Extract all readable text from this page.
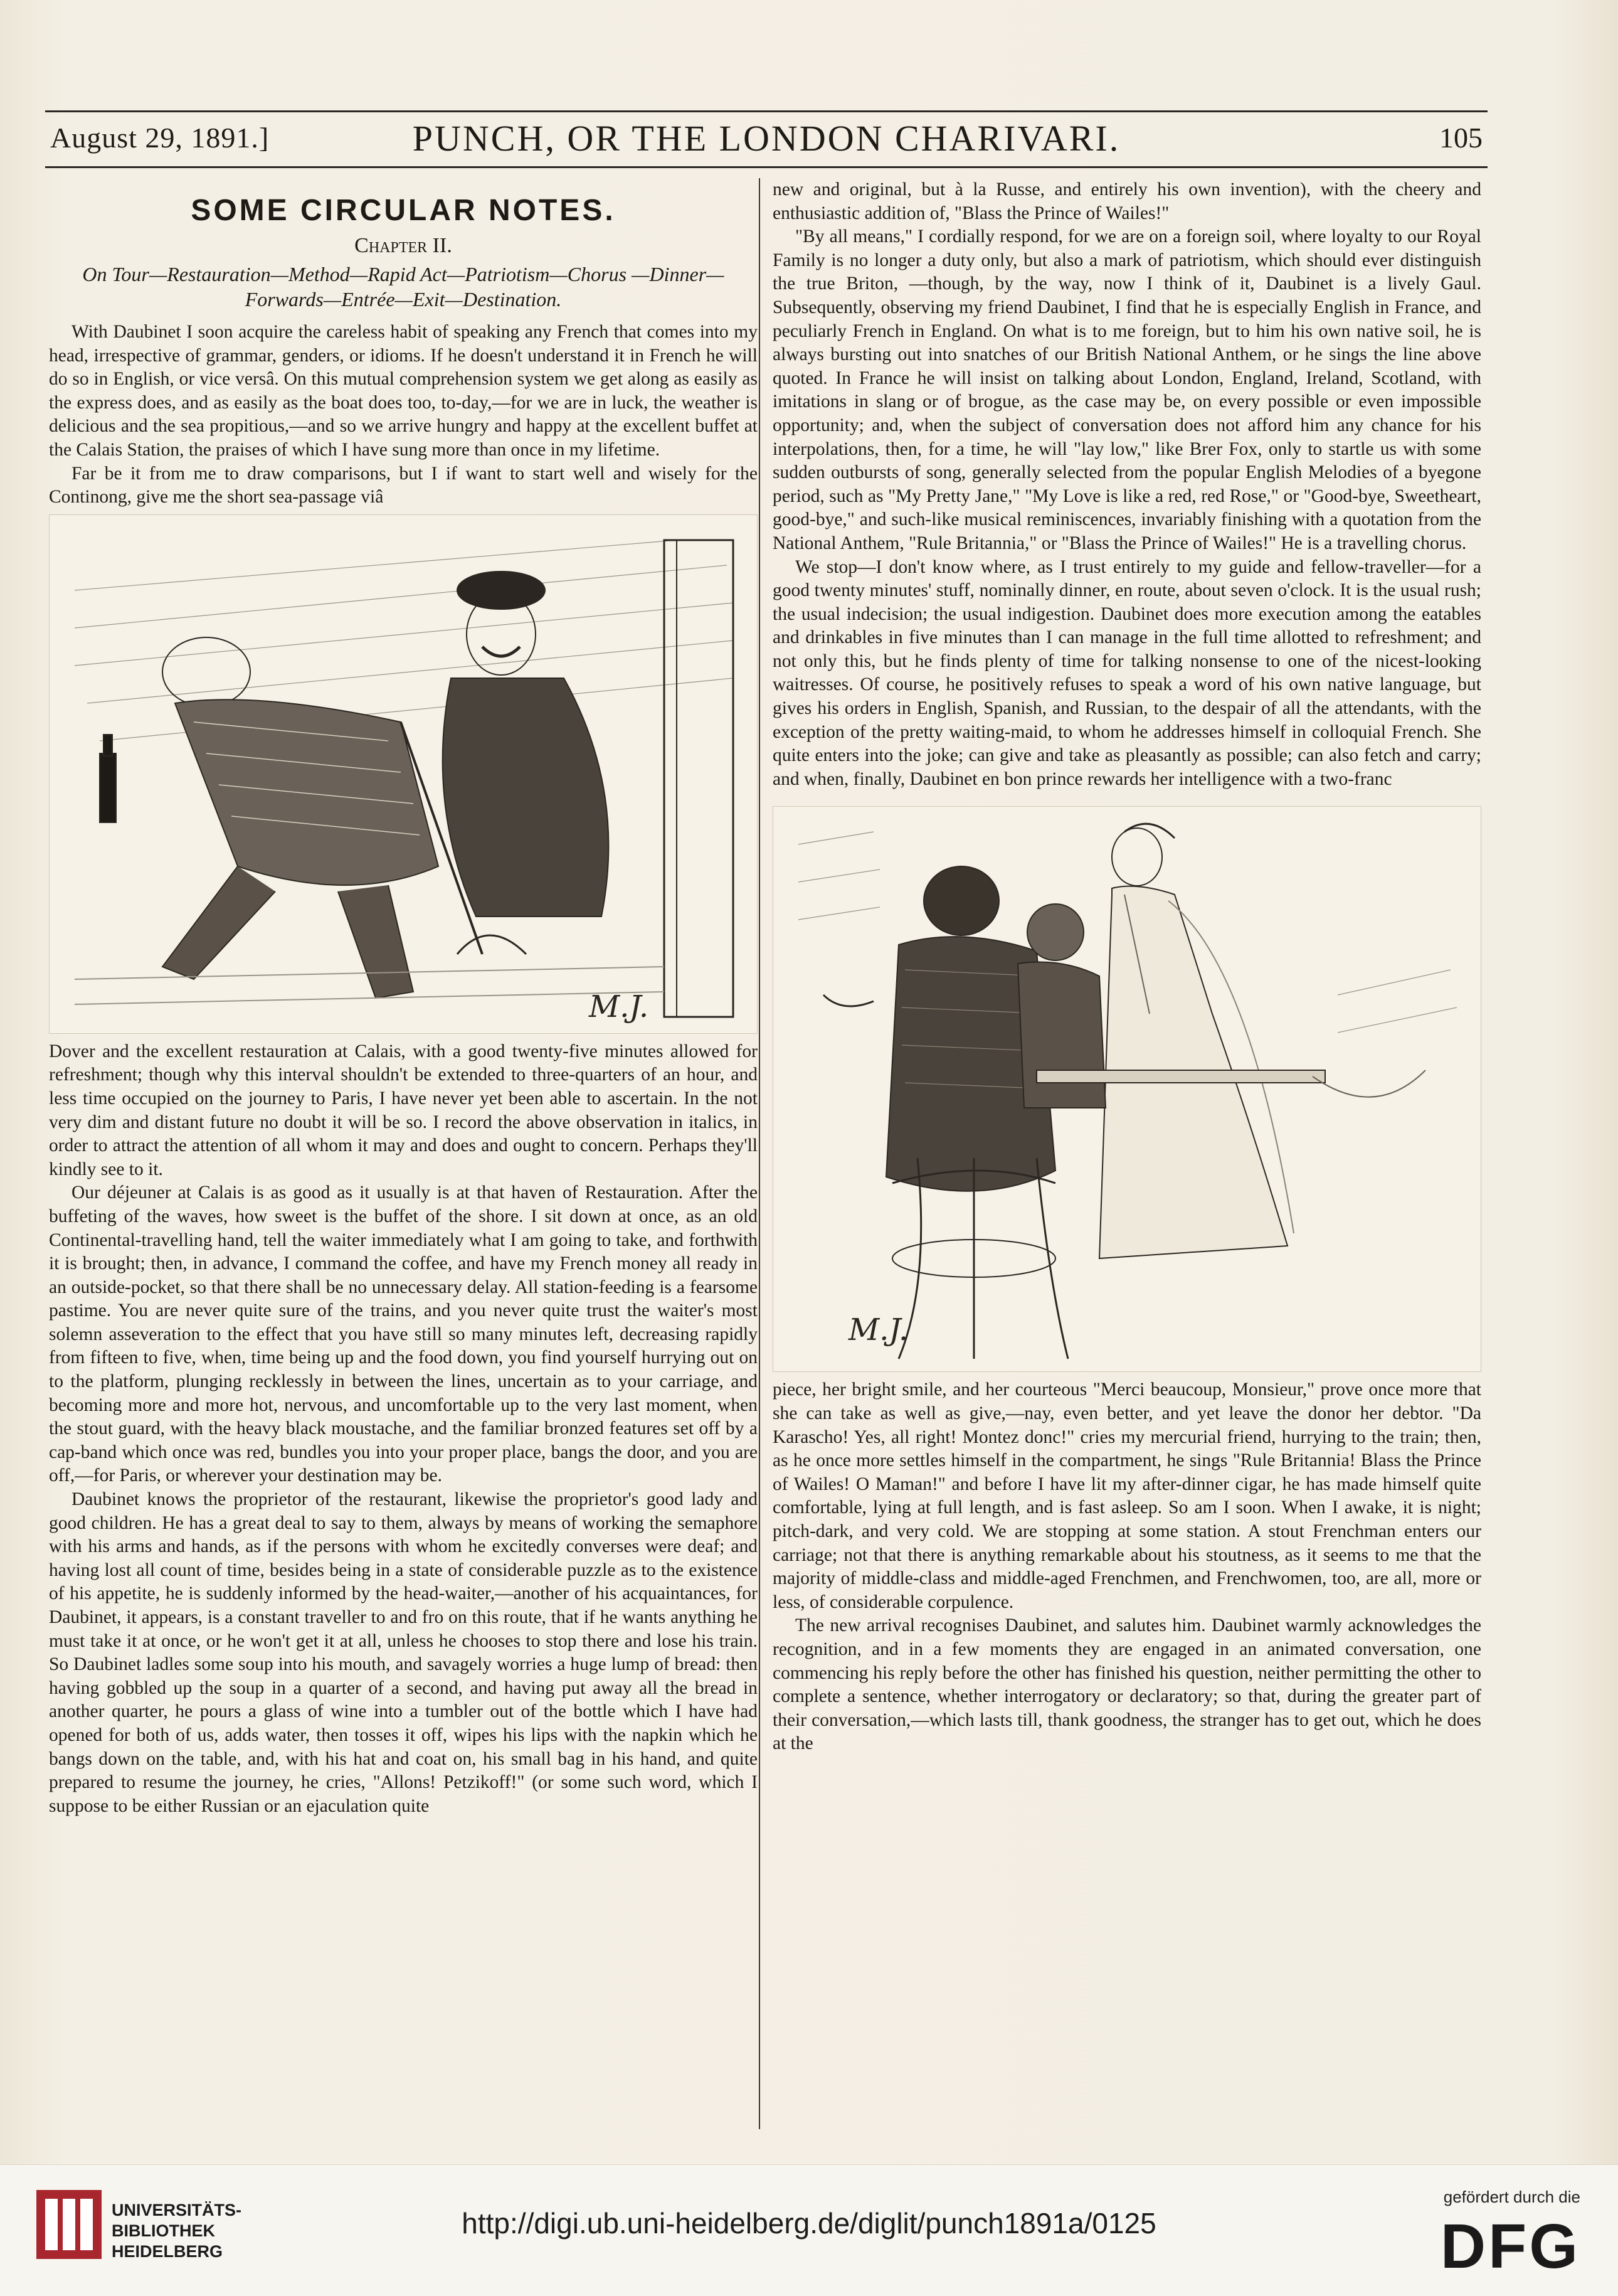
August 29, 1891.]	PUNCH, OR THE LONDON CHARIVARI.	105
SOME CIRCULAR NOTES.
Chapter II.
On Tour—Restauration—Method—Rapid Act—Patriotism—Chorus —Dinner—Forwards—Entrée—Exit—Destination.

With Daubinet I soon acquire the careless habit of speaking any French that comes into my head, irrespective of grammar, genders, or idioms. If he doesn't understand it in French he will do so in English, or vice versâ. On this mutual comprehension system we get along as easily as the express does, and as easily as the boat does too, to-day,—for we are in luck, the weather is delicious and the sea propitious,—and so we arrive hungry and happy at the excellent buffet at the Calais Station, the praises of which I have sung more than once in my lifetime.

Far be it from me to draw comparisons, but I if want to start well and wisely for the Continong, give me the short sea-passage viâ

M.J.

Dover and the excellent restauration at Calais, with a good twenty-five minutes allowed for refreshment; though why this interval shouldn't be extended to three-quarters of an hour, and less time occupied on the journey to Paris, I have never yet been able to ascertain. In the not very dim and distant future no doubt it will be so. I record the above observation in italics, in order to attract the attention of all whom it may and does and ought to concern. Perhaps they'll kindly see to it.

Our déjeuner at Calais is as good as it usually is at that haven of Restauration. After the buffeting of the waves, how sweet is the buffet of the shore. I sit down at once, as an old Continental-travelling hand, tell the waiter immediately what I am going to take, and forthwith it is brought; then, in advance, I command the coffee, and have my French money all ready in an outside-pocket, so that there shall be no unnecessary delay. All station-feeding is a fearsome pastime. You are never quite sure of the trains, and you never quite trust the waiter's most solemn asseveration to the effect that you have still so many minutes left, decreasing rapidly from fifteen to five, when, time being up and the food down, you find yourself hurrying out on to the platform, plunging recklessly in between the lines, uncertain as to your carriage, and becoming more and more hot, nervous, and uncomfortable up to the very last moment, when the stout guard, with the heavy black moustache, and the familiar bronzed features set off by a cap-band which once was red, bundles you into your proper place, bangs the door, and you are off,—for Paris, or wherever your destination may be.

Daubinet knows the proprietor of the restaurant, likewise the proprietor's good lady and good children. He has a great deal to say to them, always by means of working the semaphore with his arms and hands, as if the persons with whom he excitedly converses were deaf; and having lost all count of time, besides being in a state of considerable puzzle as to the existence of his appetite, he is suddenly informed by the head-waiter,—another of his acquaintances, for Daubinet, it appears, is a constant traveller to and fro on this route, that if he wants anything he must take it at once, or he won't get it at all, unless he chooses to stop there and lose his train. So Daubinet ladles some soup into his mouth, and savagely worries a huge lump of bread: then having gobbled up the soup in a quarter of a second, and having put away all the bread in another quarter, he pours a glass of wine into a tumbler out of the bottle which I have had opened for both of us, adds water, then tosses it off, wipes his lips with the napkin which he bangs down on the table, and, with his hat and coat on, his small bag in his hand, and quite prepared to resume the journey, he cries, "Allons! Petzikoff!" (or some such word, which I suppose to be either Russian or an ejaculation quite

new and original, but à la Russe, and entirely his own invention), with the cheery and enthusiastic addition of, "Blass the Prince of Wailes!"

"By all means," I cordially respond, for we are on a foreign soil, where loyalty to our Royal Family is no longer a duty only, but also a mark of patriotism, which should ever distinguish the true Briton, —though, by the way, now I think of it, Daubinet is a lively Gaul. Subsequently, observing my friend Daubinet, I find that he is especially English in France, and peculiarly French in England. On what is to me foreign, but to him his own native soil, he is always bursting out into snatches of our British National Anthem, or he sings the line above quoted. In France he will insist on talking about London, England, Ireland, Scotland, with imitations in slang or of brogue, as the case may be, on every possible or even impossible opportunity; and, when the subject of conversation does not afford him any chance for his interpolations, then, for a time, he will "lay low," like Brer Fox, only to startle us with some sudden outbursts of song, generally selected from the popular English Melodies of a byegone period, such as "My Pretty Jane," "My Love is like a red, red Rose," or "Good-bye, Sweetheart, good-bye," and such-like musical reminiscences, invariably finishing with a quotation from the National Anthem, "Rule Britannia," or "Blass the Prince of Wailes!" He is a travelling chorus.

We stop—I don't know where, as I trust entirely to my guide and fellow-traveller—for a good twenty minutes' stuff, nominally dinner, en route, about seven o'clock. It is the usual rush; the usual indecision; the usual indigestion. Daubinet does more execution among the eatables and drinkables in five minutes than I can manage in the full time allotted to refreshment; and not only this, but he finds plenty of time for talking nonsense to one of the nicest-looking waitresses. Of course, he positively refuses to speak a word of his own native language, but gives his orders in English, Spanish, and Russian, to the despair of all the attendants, with the exception of the pretty waiting-maid, to whom he addresses himself in colloquial French. She quite enters into the joke; can give and take as pleasantly as possible; can also fetch and carry; and when, finally, Daubinet en bon prince rewards her intelligence with a two-franc

M.J.

piece, her bright smile, and her courteous "Merci beaucoup, Monsieur," prove once more that she can take as well as give,—nay, even better, and yet leave the donor her debtor. "Da Karascho! Yes, all right! Montez donc!" cries my mercurial friend, hurrying to the train; then, as he once more settles himself in the compartment, he sings "Rule Britannia! Blass the Prince of Wailes! O Maman!" and before I have lit my after-dinner cigar, he has made himself quite comfortable, lying at full length, and is fast asleep. So am I soon. When I awake, it is night; pitch-dark, and very cold. We are stopping at some station. A stout Frenchman enters our carriage; not that there is anything remarkable about his stoutness, as it seems to me that the majority of middle-class and middle-aged Frenchmen, and Frenchwomen, too, are all, more or less, of considerable corpulence.

The new arrival recognises Daubinet, and salutes him. Daubinet warmly acknowledges the recognition, and in a few moments they are engaged in an animated conversation, one commencing his reply before the other has finished his question, neither permitting the other to complete a sentence, whether interrogatory or declaratory; so that, during the greater part of their conversation,—which lasts till, thank goodness, the stranger has to get out, which he does at the

UNIVERSITÄTS-
BIBLIOTHEK
HEIDELBERG
http://digi.ub.uni-heidelberg.de/diglit/punch1891a/0125
gefördert durch die
DFG
